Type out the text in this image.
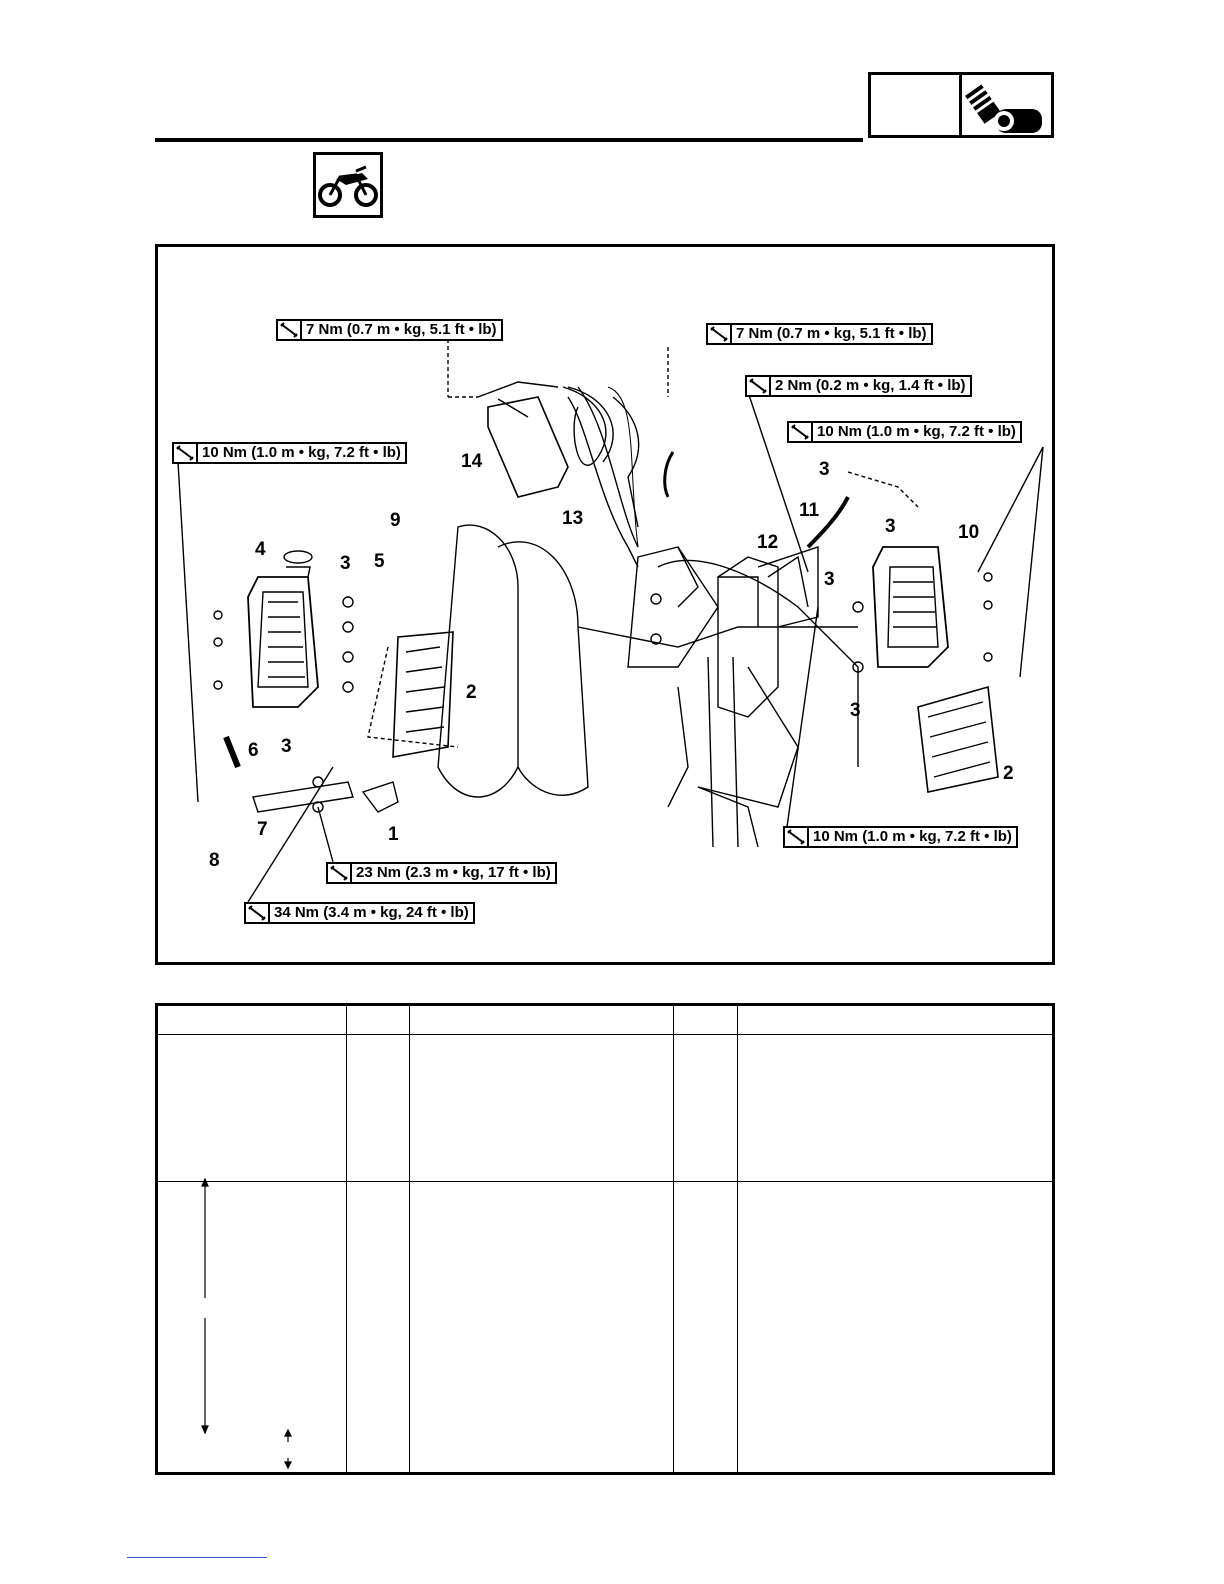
7 Nm (0.7 m • kg, 5.1 ft • lb)	7 Nm (0.7 m • kg, 5.1 ft • lb)
2 Nm (0.2 m • kg, 1.4 ft • lb)
10 Nm (1.0 m • kg, 7.2 ft • lb)
10 Nm (1.0 m • kg, 7.2 ft • lb)
10 Nm (1.0 m • kg, 7.2 ft • lb)
23 Nm (2.3 m • kg, 17 ft • lb)
34 Nm (3.4 m • kg, 24 ft • lb)
14
13
9
4
3 5
2
6 3
7
8
1
3
11
3	10
12
3
3
2
